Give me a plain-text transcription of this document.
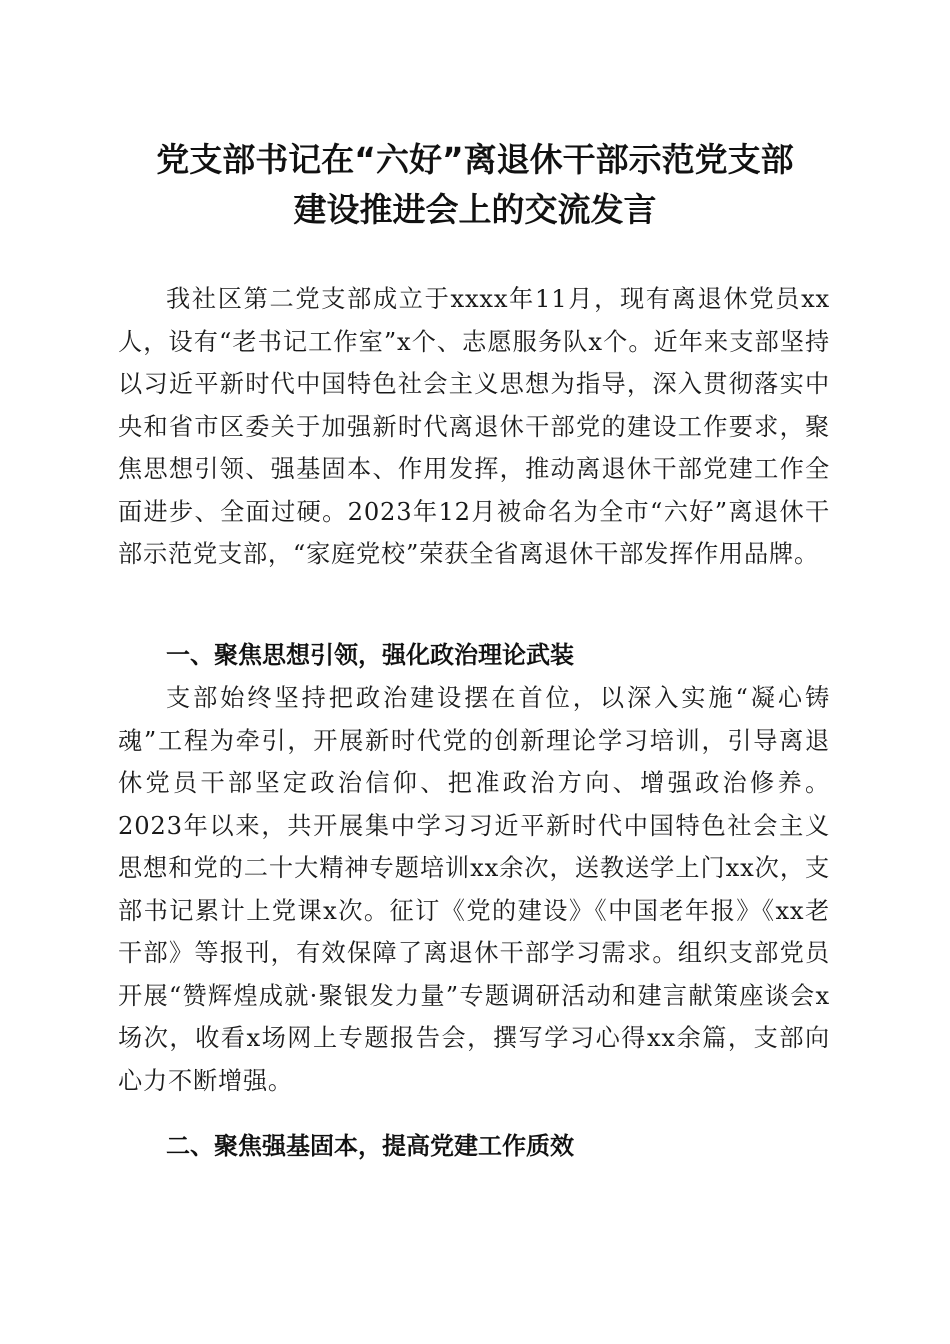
党支部书记在“六好”离退休干部示范党支部
建设推进会上的交流发言

我社区第二党支部成立于xxxx年11月，现有离退休党员xx人，设有“老书记工作室”x个、志愿服务队x个。近年来支部坚持以习近平新时代中国特色社会主义思想为指导，深入贯彻落实中央和省市区委关于加强新时代离退休干部党的建设工作要求，聚焦思想引领、强基固本、作用发挥，推动离退休干部党建工作全面进步、全面过硬。2023年12月被命名为全市“六好”离退休干部示范党支部，“家庭党校”荣获全省离退休干部发挥作用品牌。

一、聚焦思想引领，强化政治理论武装

支部始终坚持把政治建设摆在首位，以深入实施“凝心铸魂”工程为牵引，开展新时代党的创新理论学习培训，引导离退休党员干部坚定政治信仰、把准政治方向、增强政治修养。2023年以来，共开展集中学习习近平新时代中国特色社会主义思想和党的二十大精神专题培训xx余次，送教送学上门xx次，支部书记累计上党课x次。征订《党的建设》《中国老年报》《xx老干部》等报刊，有效保障了离退休干部学习需求。组织支部党员开展“赞辉煌成就·聚银发力量”专题调研活动和建言献策座谈会x场次，收看x场网上专题报告会，撰写学习心得xx余篇，支部向心力不断增强。

二、聚焦强基固本，提高党建工作质效
